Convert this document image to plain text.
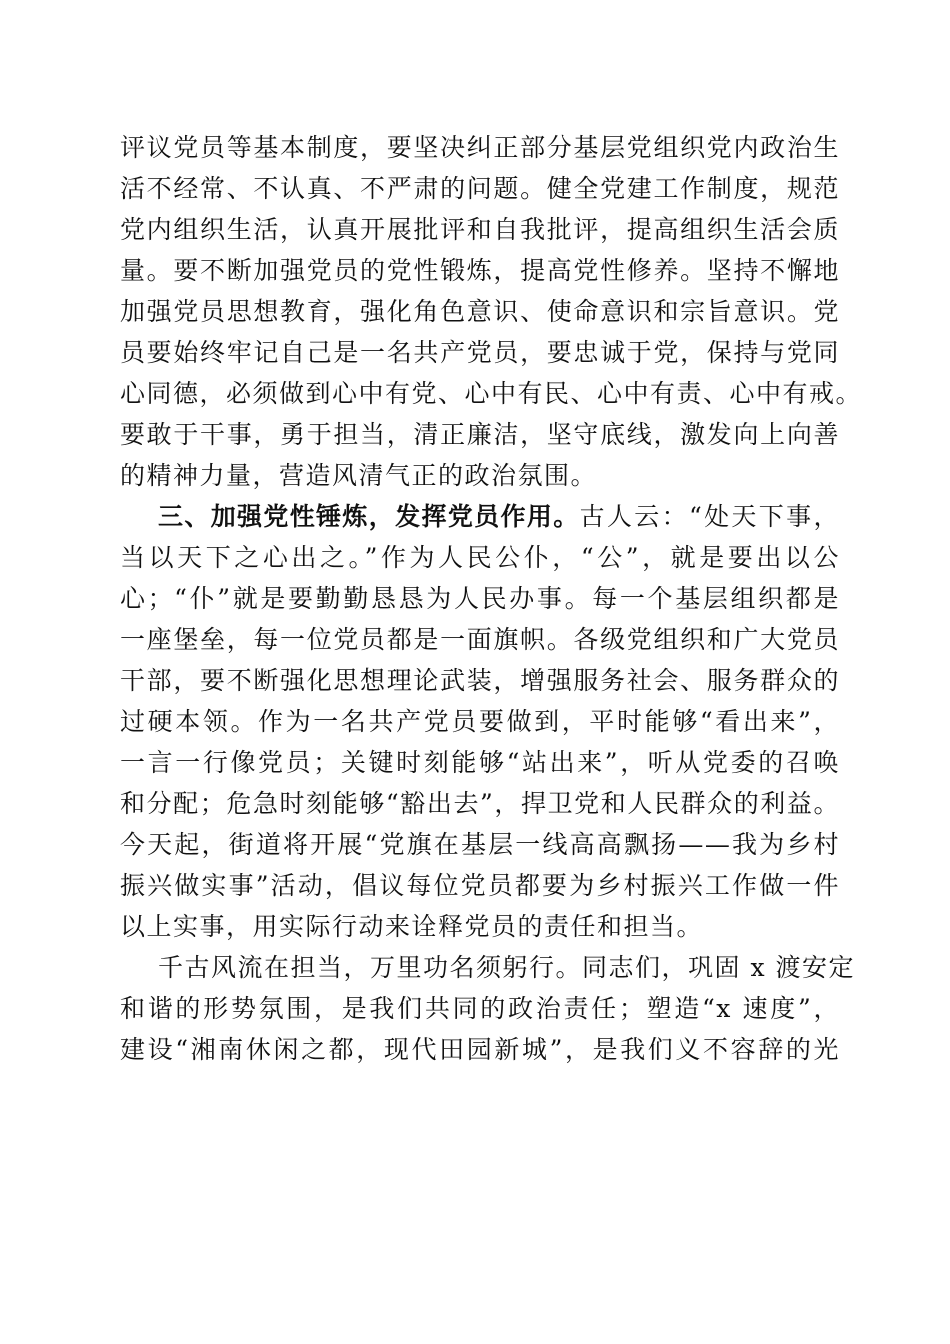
评议党员等基本制度，要坚决纠正部分基层党组织党内政治生
活不经常、不认真、不严肃的问题。健全党建工作制度，规范
党内组织生活，认真开展批评和自我批评，提高组织生活会质
量。要不断加强党员的党性锻炼，提高党性修养。坚持不懈地
加强党员思想教育，强化角色意识、使命意识和宗旨意识。党
员要始终牢记自己是一名共产党员，要忠诚于党，保持与党同
心同德，必须做到心中有党、心中有民、心中有责、心中有戒。
要敢于干事，勇于担当，清正廉洁，坚守底线，激发向上向善
的精神力量，营造风清气正的政治氛围。
三、加强党性锤炼，发挥党员作用。古人云：“处天下事，
当以天下之心出之。”作为人民公仆，“公”，就是要出以公
心；“仆”就是要勤勤恳恳为人民办事。每一个基层组织都是
一座堡垒，每一位党员都是一面旗帜。各级党组织和广大党员
干部，要不断强化思想理论武装，增强服务社会、服务群众的
过硬本领。作为一名共产党员要做到，平时能够“看出来”，
一言一行像党员；关键时刻能够“站出来”，听从党委的召唤
和分配；危急时刻能够“豁出去”，捍卫党和人民群众的利益。
今天起，街道将开展“党旗在基层一线高高飘扬——我为乡村
振兴做实事”活动，倡议每位党员都要为乡村振兴工作做一件
以上实事，用实际行动来诠释党员的责任和担当。
千古风流在担当，万里功名须躬行。同志们，巩固 x 渡安定
和谐的形势氛围，是我们共同的政治责任；塑造“x 速度”，
建设“湘南休闲之都，现代田园新城”，是我们义不容辞的光
